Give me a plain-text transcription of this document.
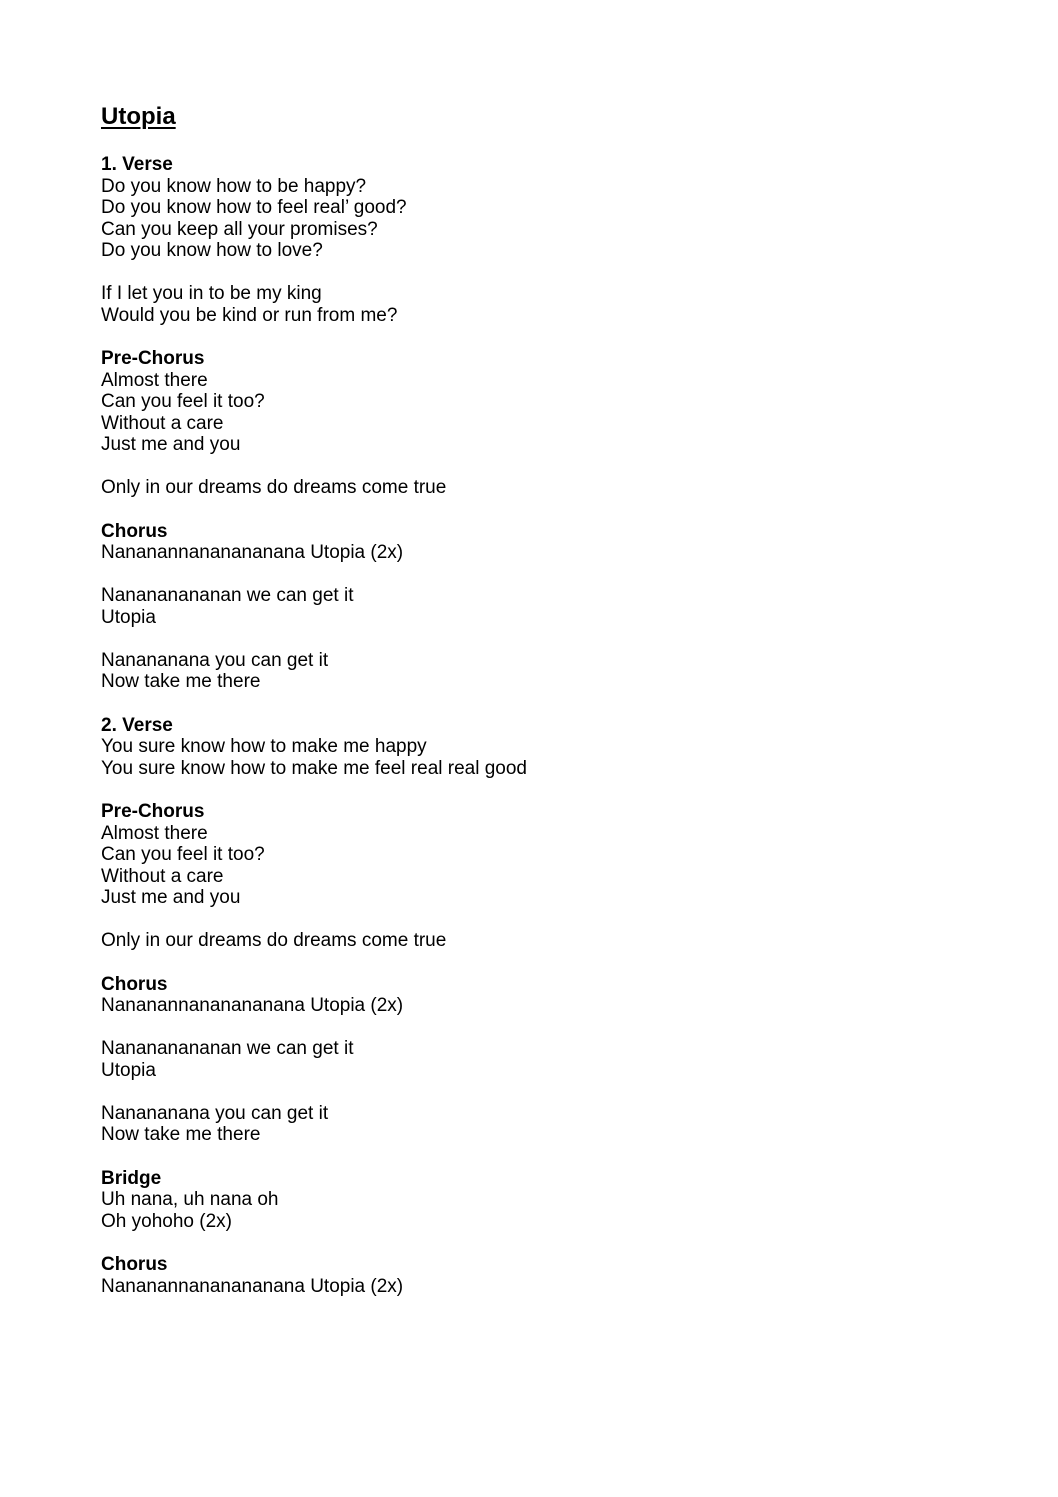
Utopia
1. Verse
Do you know how to be happy?
Do you know how to feel real’ good?
Can you keep all your promises?
Do you know how to love?
If I let you in to be my king
Would you be kind or run from me?
Pre-Chorus
Almost there
Can you feel it too?
Without a care
Just me and you
Only in our dreams do dreams come true
Chorus
Nananannananananana Utopia (2x)
Nanananananan we can get it
Utopia
Nanananana you can get it
Now take me there
2. Verse
You sure know how to make me happy
You sure know how to make me feel real real good
Pre-Chorus
Almost there
Can you feel it too?
Without a care
Just me and you
Only in our dreams do dreams come true
Chorus
Nananannananananana Utopia (2x)
Nanananananan we can get it
Utopia
Nanananana you can get it
Now take me there
Bridge
Uh nana, uh nana oh
Oh yohoho (2x)
Chorus
Nananannananananana Utopia (2x)
